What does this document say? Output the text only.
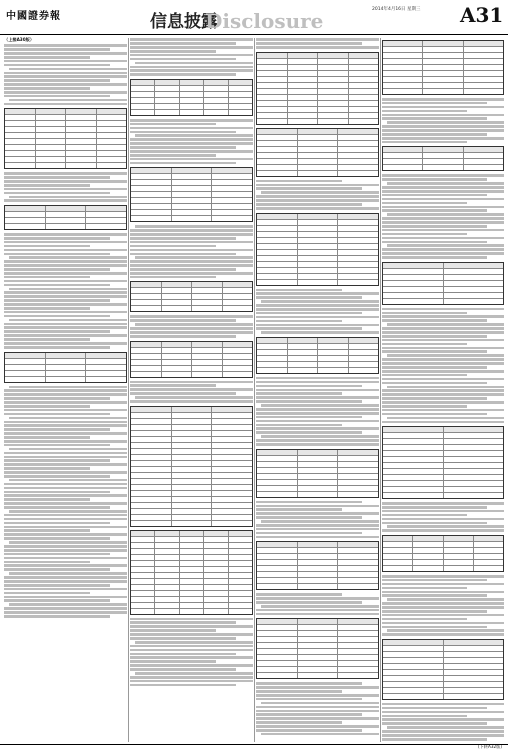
中國證券報	信息披露
Disclosure	2014年4月16日 星期三 A31
（上接A30版）
(下转A32版)
